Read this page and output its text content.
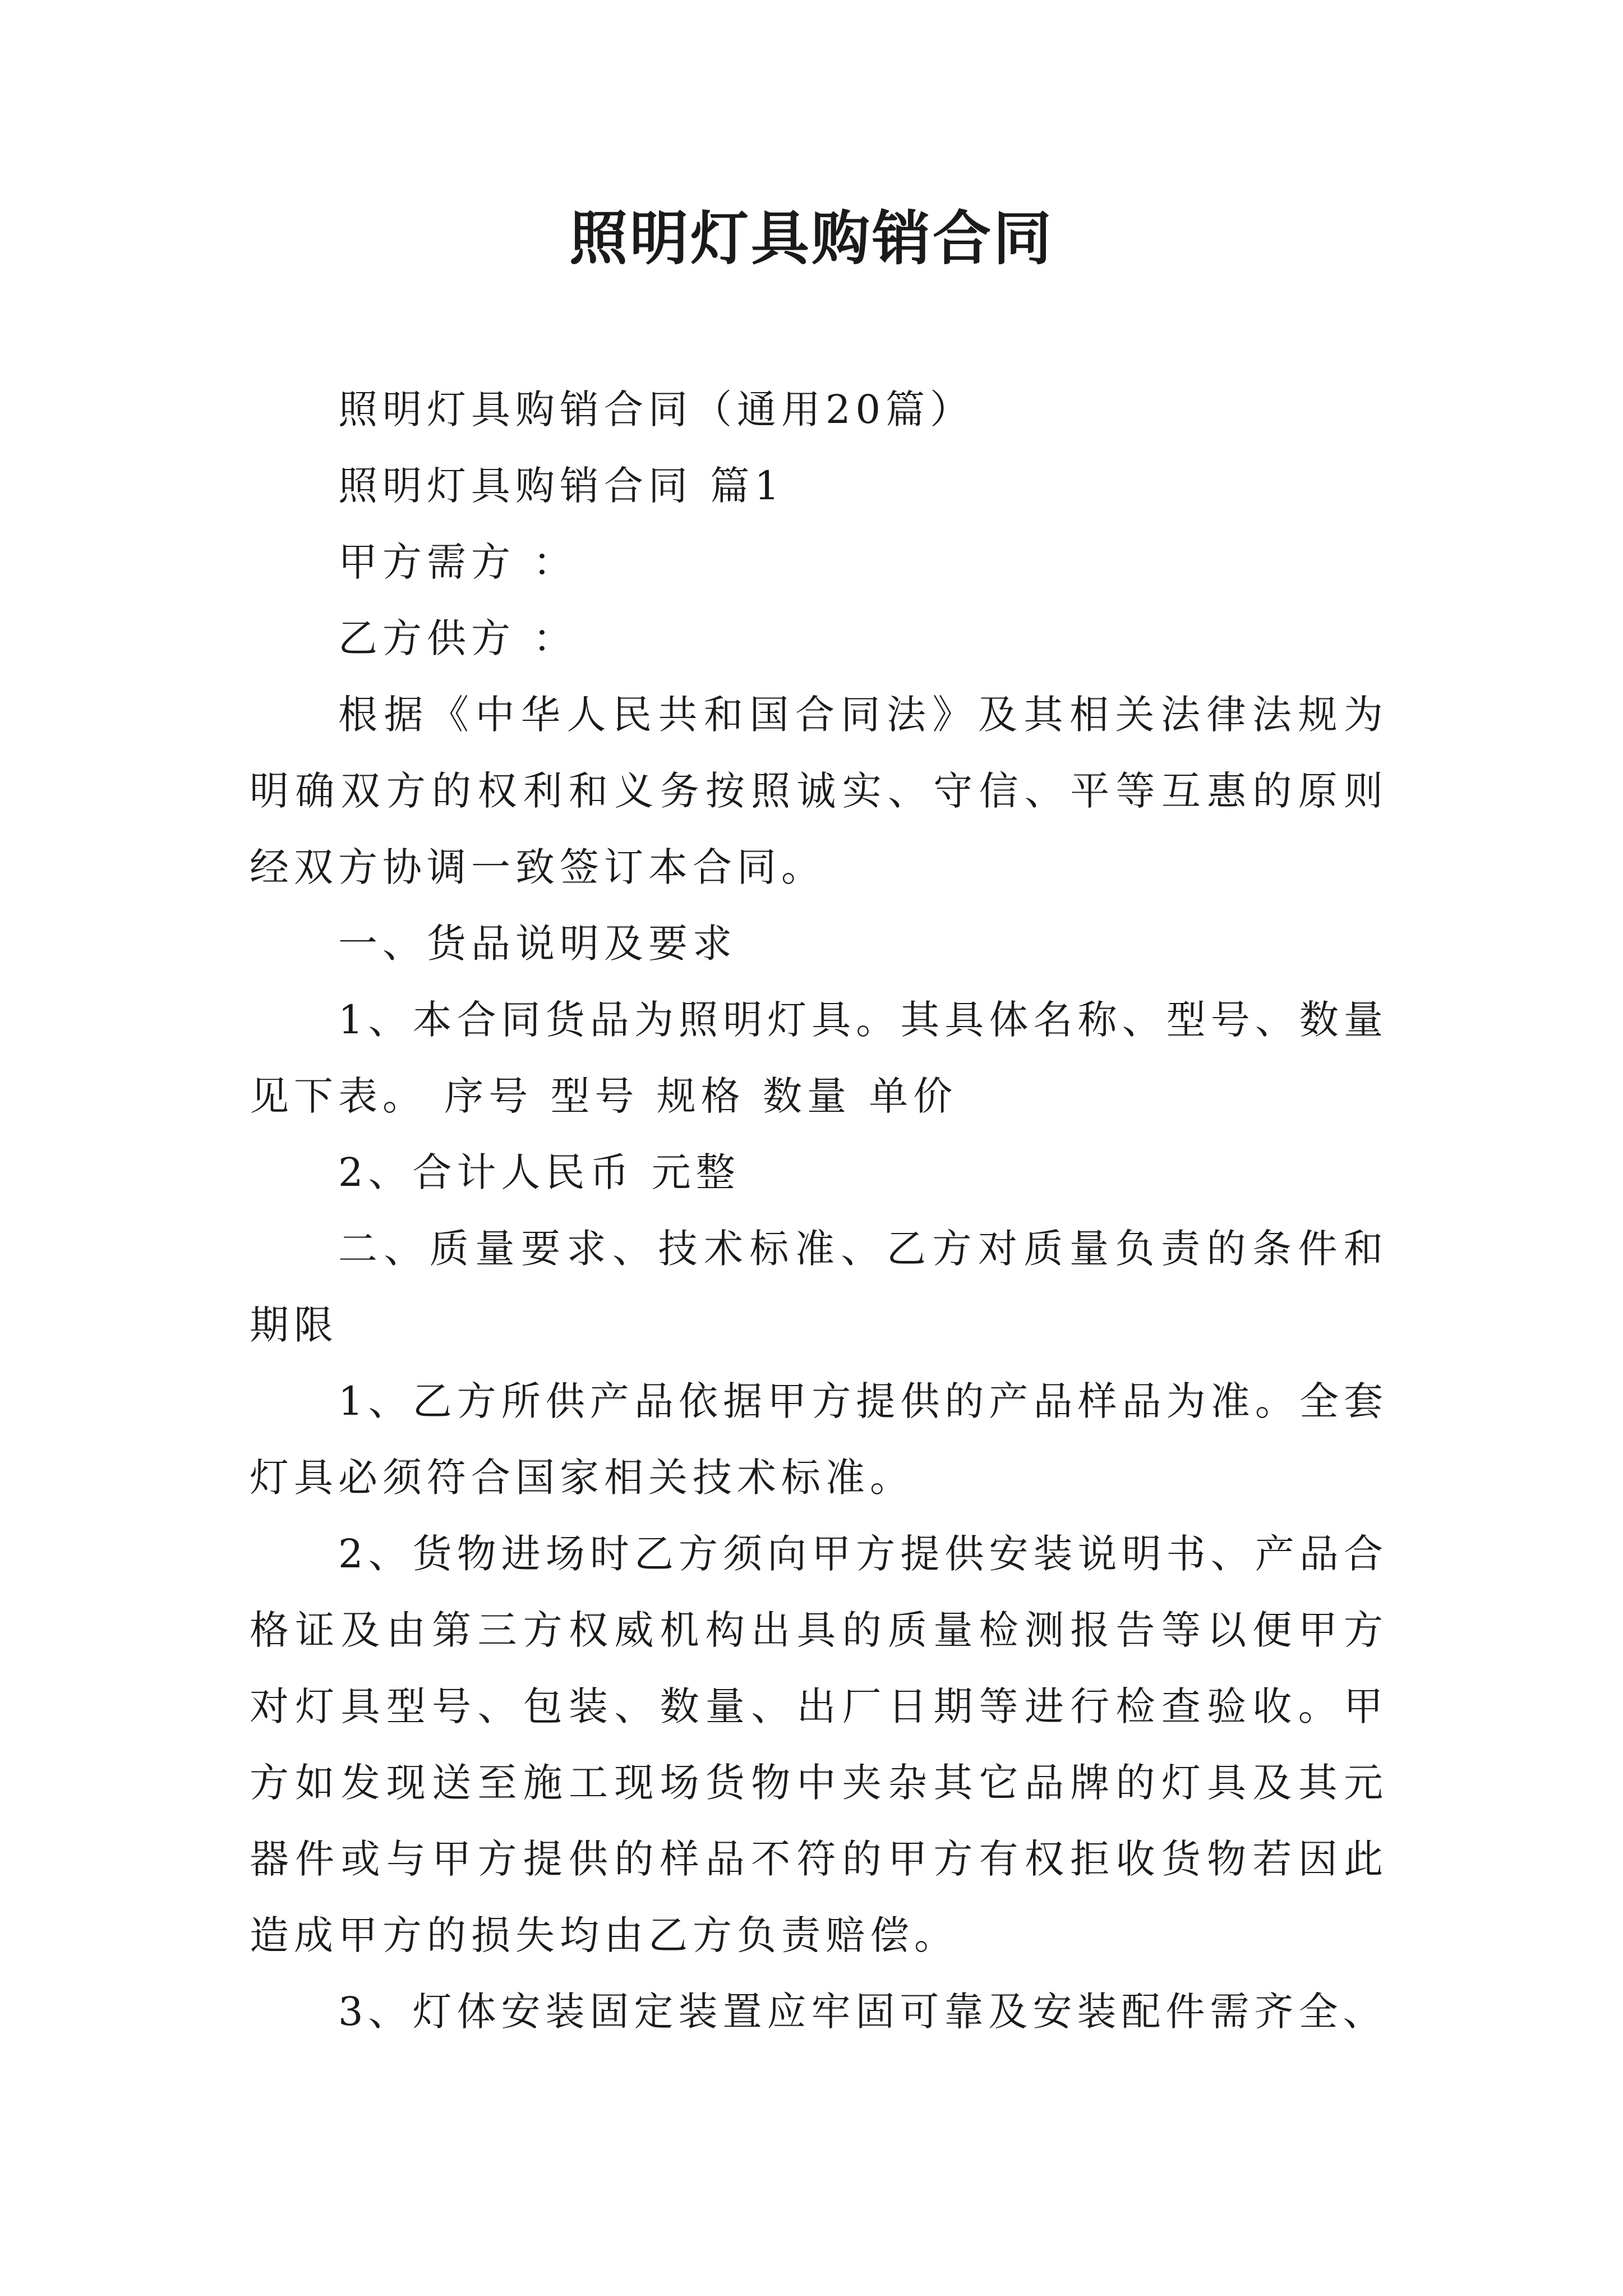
照明灯具购销合同

照明灯具购销合同（通用20篇）

照明灯具购销合同 篇1

甲方需方 ：

乙方供方 ：

根据《中华人民共和国合同法》及其相关法律法规为明确双方的权利和义务按照诚实、守信、平等互惠的原则经双方协调一致签订本合同。

一、货品说明及要求

1、本合同货品为照明灯具。其具体名称、型号、数量见下表。 序号 型号 规格 数量 单价

2、合计人民币 元整

二、质量要求、技术标准、乙方对质量负责的条件和期限

1、乙方所供产品依据甲方提供的产品样品为准。全套灯具必须符合国家相关技术标准。

2、货物进场时乙方须向甲方提供安装说明书、产品合格证及由第三方权威机构出具的质量检测报告等以便甲方对灯具型号、包装、数量、出厂日期等进行检查验收。甲方如发现送至施工现场货物中夹杂其它品牌的灯具及其元器件或与甲方提供的样品不符的甲方有权拒收货物若因此造成甲方的损失均由乙方负责赔偿。

3、灯体安装固定装置应牢固可靠及安装配件需齐全、
